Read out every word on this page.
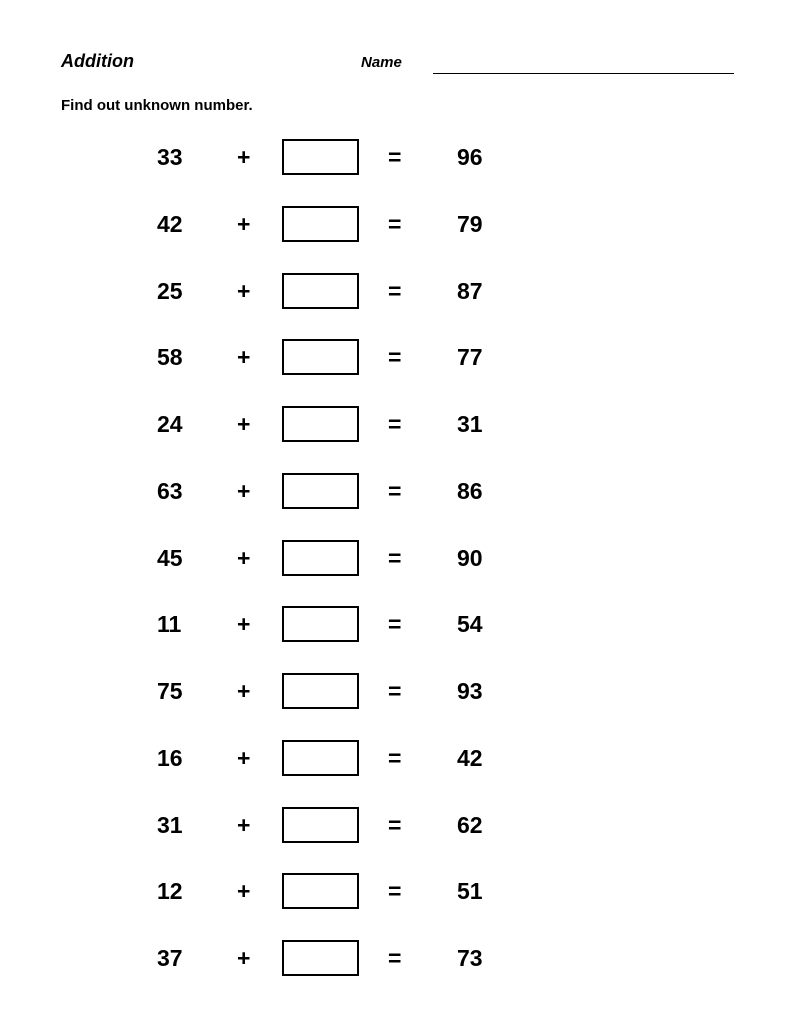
Addition	Name
Find out unknown number.
33 +	= 96
42 +	= 79
25 +	= 87
58 +	= 77
24 +	= 31
63 +	= 86
45 +	= 90
11 +	= 54
75 +	= 93
16 +	= 42
31 +	= 62
12 +	= 51
37 +	= 73
